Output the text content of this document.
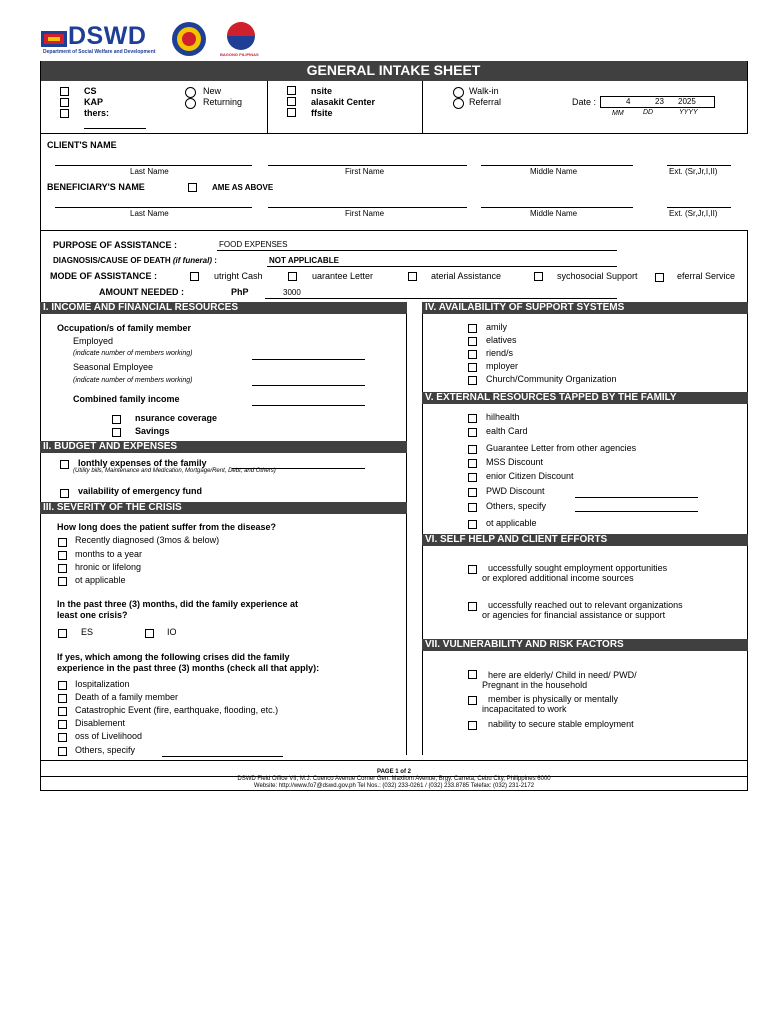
DSWD
Department of Social Welfare and Development	BAGONG PILIPINAS
GENERAL INTAKE SHEET
CS
KAP
thers:
New
Returning
nsite
alasakit Center
ffsite
Walk-in
Referral	Date :	4	23 2025
MM	DD	YYYY
CLIENT'S NAME
Last Name	First Name	Middle Name	Ext. (Sr,Jr,I,II)
BENEFICIARY'S NAME	AME AS ABOVE
Last Name	First Name	Middle Name	Ext. (Sr,Jr,I,II)
PURPOSE OF ASSISTANCE :	FOOD EXPENSES
DIAGNOSIS/CAUSE OF DEATH (if funeral) :	NOT APPLICABLE
MODE OF ASSISTANCE :	utright Cash	uarantee Letter	aterial Assistance	sychosocial Support	eferral Service
AMOUNT NEEDED :	PhP	3000
I. INCOME AND FINANCIAL RESOURCES
Occupation/s of family member
Employed
(indicate number of members working)
Seasonal Employee
(indicate number of members working)
Combined family income
nsurance coverage
Savings
II. BUDGET AND EXPENSES
Ionthly expenses of the family
(Utility bills, Maintenance and Medication, Mortgage/Rent, Debt, and Others)
vailability of emergency fund
III. SEVERITY OF THE CRISIS
How long does the patient suffer from the disease?
Recently diagnosed (3mos & below)
months to a year
hronic or lifelong
ot applicable
In the past three (3) months, did the family experience at
least one crisis?
ES	IO
If yes, which among the following crises did the family
experience in the past three (3) months (check all that apply):
Iospitalization
Death of a family member
Catastrophic Event (fire, earthquake, flooding, etc.)
Disablement
oss of Livelihood
Others, specify
IV. AVAILABILITY OF SUPPORT SYSTEMS
amily
elatives
riend/s
mployer
Church/Community Organization
V. EXTERNAL RESOURCES TAPPED BY THE FAMILY
hilhealth
ealth Card
Guarantee Letter from other agencies
MSS Discount
enior Citizen Discount
PWD Discount
Others, specify
ot applicable
VI. SELF HELP AND CLIENT EFFORTS
uccessfully sought employment opportunities
or explored additional income sources
uccessfully reached out to relevant organizations
or agencies for financial assistance or support
VII. VULNERABILITY AND RISK FACTORS
here are elderly/ Child in need/ PWD/
Pregnant in the household
member is physically or mentally
incapacitated to work
nability to secure stable employment
PAGE 1 of 2
DSWD Field Office VII, M.J. Cuenco Avenue Corner Gen. Maxilom Avenue, Brgy. Carreta, Cebu City, Philippines 6000
Website: http://www.fo7@dswd.gov.ph Tel Nos.: (032) 233-0261 / (032) 233.8785 Telefax: (032) 231-2172
